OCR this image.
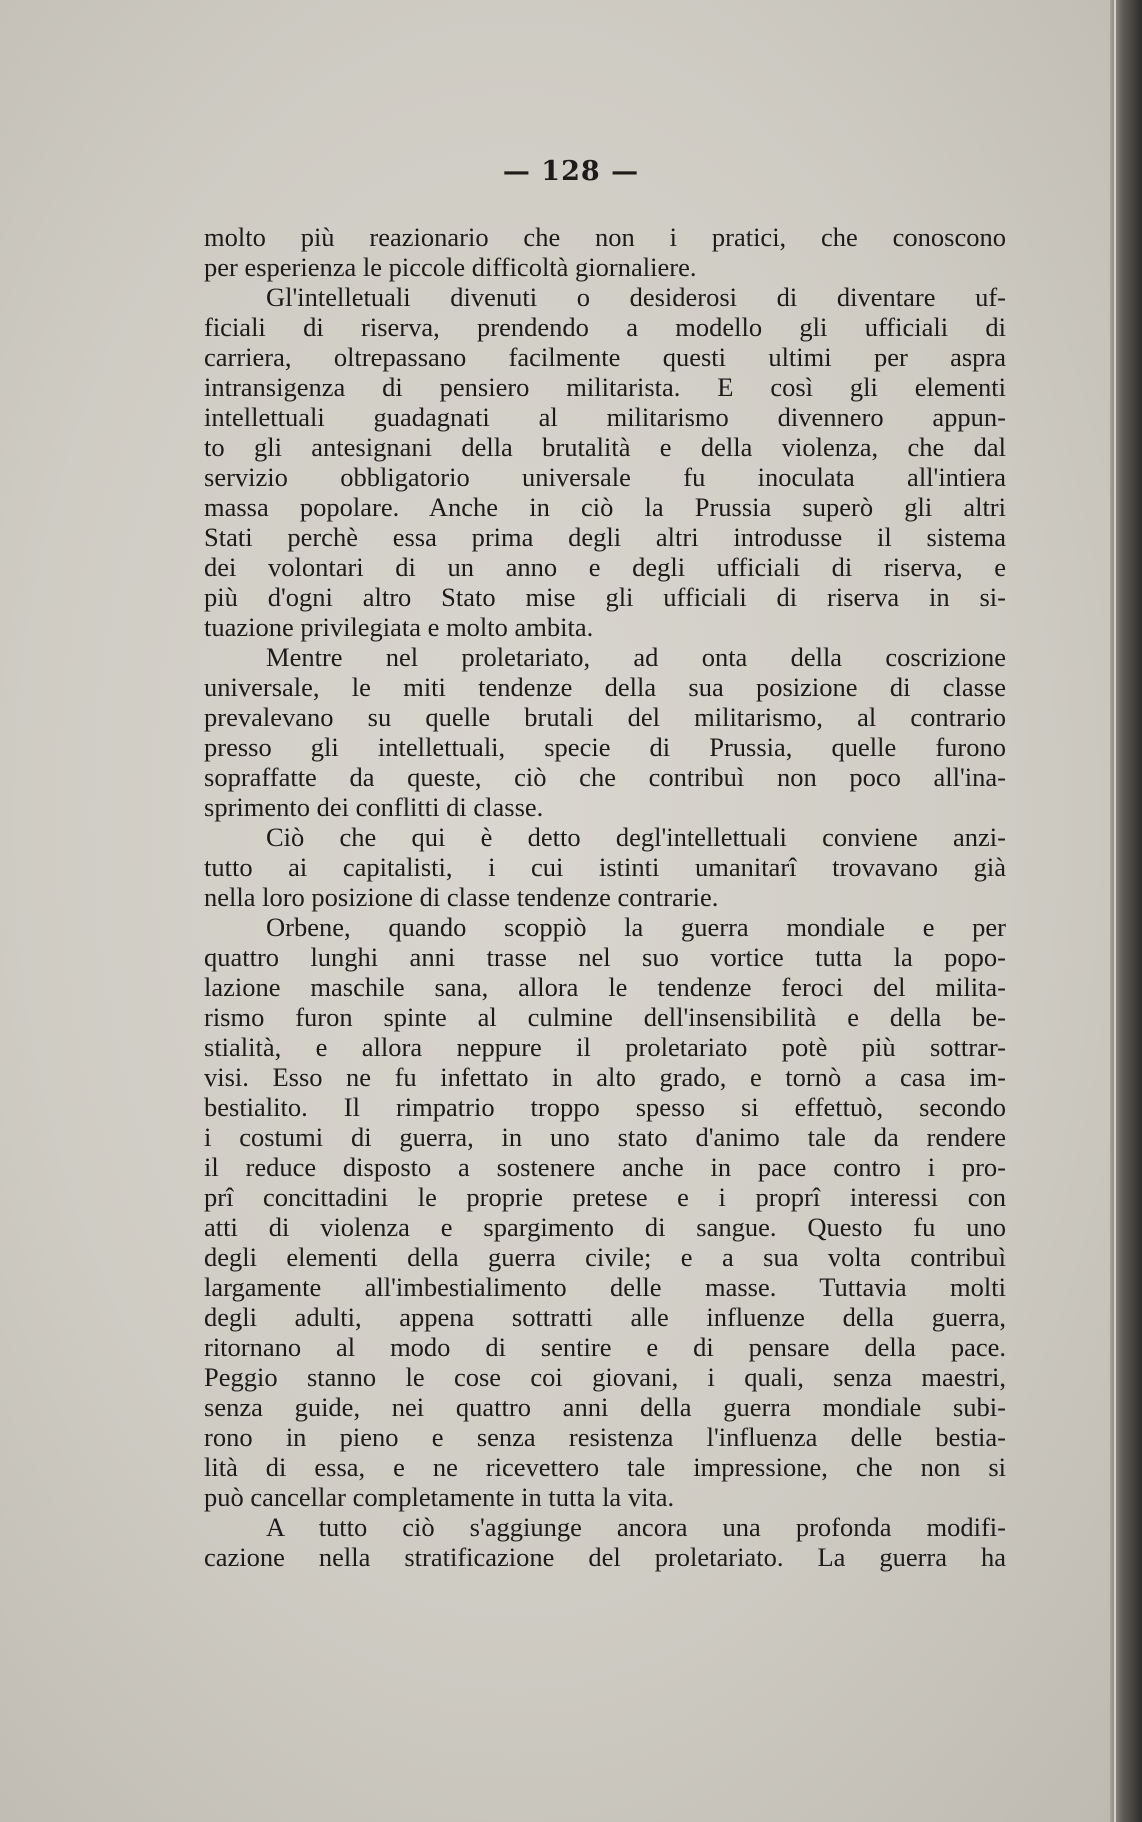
— 128 —
molto più reazionario che non i pratici, che conoscono
per esperienza le piccole difficoltà giornaliere.
Gl'intelletuali divenuti o desiderosi di diventare uf-
ficiali di riserva, prendendo a modello gli ufficiali di
carriera, oltrepassano facilmente questi ultimi per aspra
intransigenza di pensiero militarista. E così gli elementi
intellettuali guadagnati al militarismo divennero appun-
to gli antesignani della brutalità e della violenza, che dal
servizio obbligatorio universale fu inoculata all'intiera
massa popolare. Anche in ciò la Prussia superò gli altri
Stati perchè essa prima degli altri introdusse il sistema
dei volontari di un anno e degli ufficiali di riserva, e
più d'ogni altro Stato mise gli ufficiali di riserva in si-
tuazione privilegiata e molto ambita.
Mentre nel proletariato, ad onta della coscrizione
universale, le miti tendenze della sua posizione di classe
prevalevano su quelle brutali del militarismo, al contrario
presso gli intellettuali, specie di Prussia, quelle furono
sopraffatte da queste, ciò che contribuì non poco all'ina-
sprimento dei conflitti di classe.
Ciò che qui è detto degl'intellettuali conviene anzi-
tutto ai capitalisti, i cui istinti umanitarî trovavano già
nella loro posizione di classe tendenze contrarie.
Orbene, quando scoppiò la guerra mondiale e per
quattro lunghi anni trasse nel suo vortice tutta la popo-
lazione maschile sana, allora le tendenze feroci del milita-
rismo furon spinte al culmine dell'insensibilità e della be-
stialità, e allora neppure il proletariato potè più sottrar-
visi. Esso ne fu infettato in alto grado, e tornò a casa im-
bestialito. Il rimpatrio troppo spesso si effettuò, secondo
i costumi di guerra, in uno stato d'animo tale da rendere
il reduce disposto a sostenere anche in pace contro i pro-
prî concittadini le proprie pretese e i proprî interessi con
atti di violenza e spargimento di sangue. Questo fu uno
degli elementi della guerra civile; e a sua volta contribuì
largamente all'imbestialimento delle masse. Tuttavia molti
degli adulti, appena sottratti alle influenze della guerra,
ritornano al modo di sentire e di pensare della pace.
Peggio stanno le cose coi giovani, i quali, senza maestri,
senza guide, nei quattro anni della guerra mondiale subi-
rono in pieno e senza resistenza l'influenza delle bestia-
lità di essa, e ne ricevettero tale impressione, che non si
può cancellar completamente in tutta la vita.
A tutto ciò s'aggiunge ancora una profonda modifi-
cazione nella stratificazione del proletariato. La guerra ha
